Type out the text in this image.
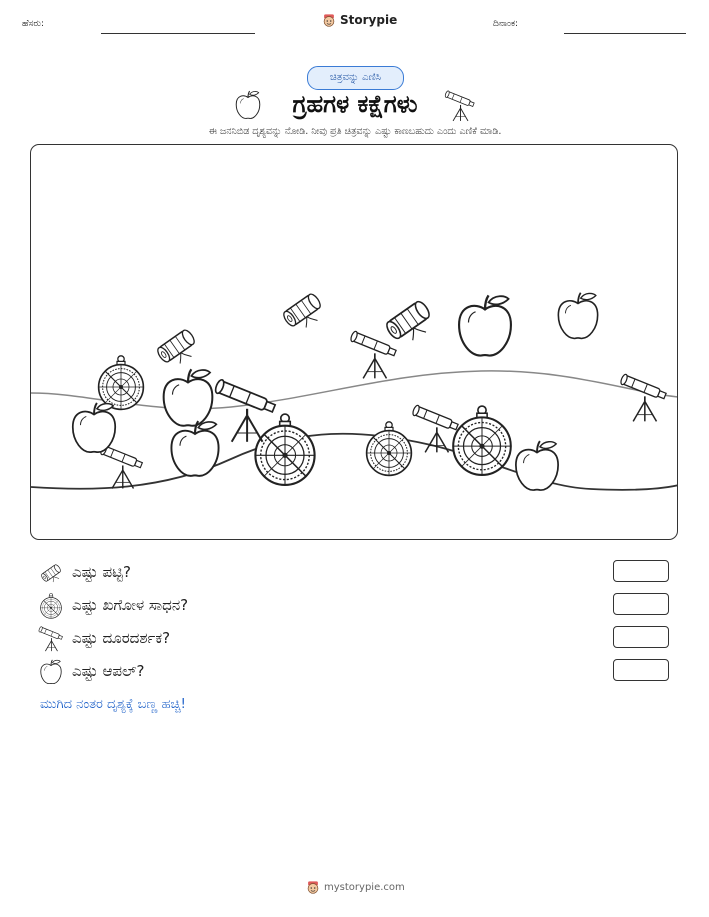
ಹೆಸರು:	Storypie	ದಿನಾಂಕ:
ಚಿತ್ರವನ್ನು ಎಣಿಸಿ
ಗ್ರಹಗಳ ಕಕ್ಷೆಗಳು
ಈ ಜನನಿಬಿಡ ದೃಶ್ಯವನ್ನು ನೋಡಿ. ನೀವು ಪ್ರತಿ ಚಿತ್ರವನ್ನು ಎಷ್ಟು ಕಾಣಬಹುದು ಎಂದು ಎಣಿಕೆ ಮಾಡಿ.
ಎಷ್ಟು ಪಟ್ಟಿ?
ಎಷ್ಟು ಖಗೋಳ ಸಾಧನ?
ಎಷ್ಟು ದೂರದರ್ಶಕ?
ಎಷ್ಟು ಆಪಲ್?
ಮುಗಿದ ನಂತರ ದೃಶ್ಯಕ್ಕೆ ಬಣ್ಣ ಹಚ್ಚಿ!
mystorypie.com
